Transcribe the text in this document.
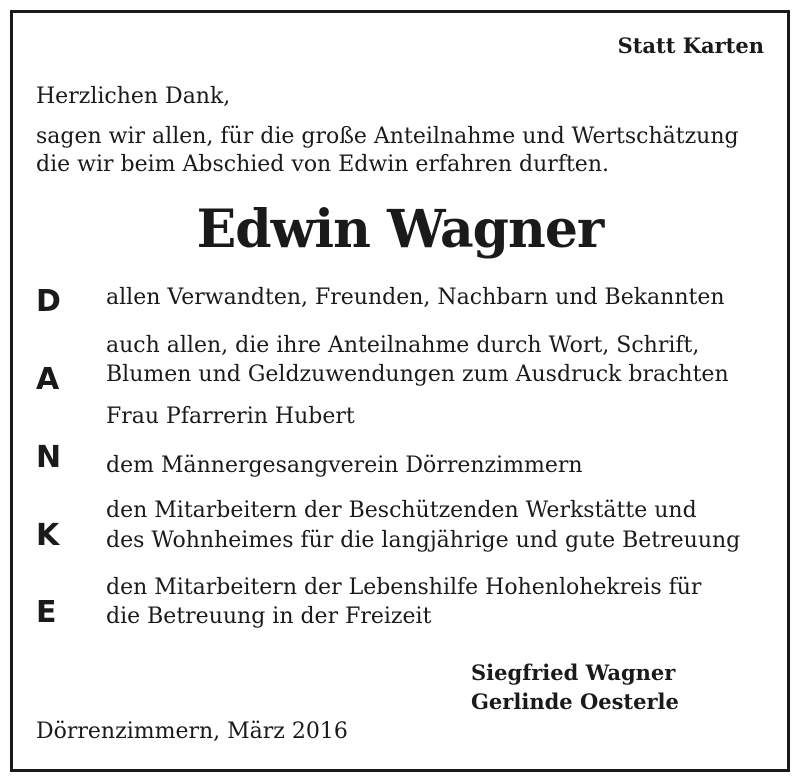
Statt Karten
Herzlichen Dank,
sagen wir allen, für die große Anteilnahme und Wertschätzung
die wir beim Abschied von Edwin erfahren durften.
Edwin Wagner
D
A
N
K
E
allen Verwandten, Freunden, Nachbarn und Bekannten
auch allen, die ihre Anteilnahme durch Wort, Schrift,
Blumen und Geldzuwendungen zum Ausdruck brachten
Frau Pfarrerin Hubert
dem Männergesangverein Dörrenzimmern
den Mitarbeitern der Beschützenden Werkstätte und
des Wohnheimes für die langjährige und gute Betreuung
den Mitarbeitern der Lebenshilfe Hohenlohekreis für
die Betreuung in der Freizeit
Siegfried Wagner
Gerlinde Oesterle
Dörrenzimmern, März 2016
